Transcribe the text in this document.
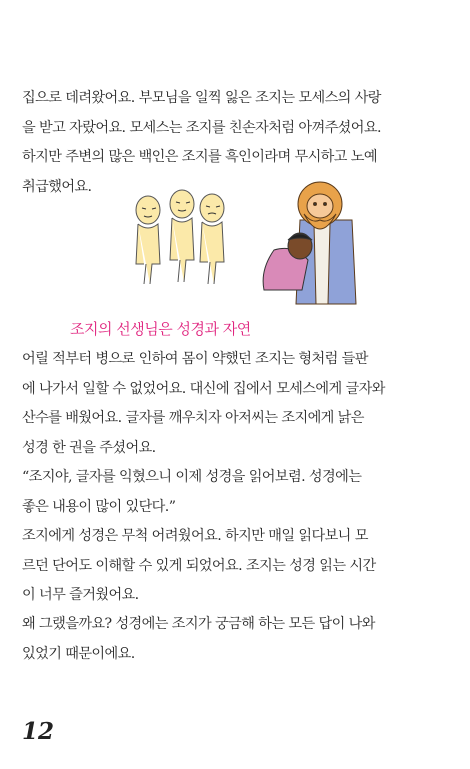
집으로 데려왔어요. 부모님을 일찍 잃은 조지는 모세스의 사랑
을 받고 자랐어요. 모세스는 조지를 친손자처럼 아껴주셨어요.
하지만 주변의 많은 백인은 조지를 흑인이라며 무시하고 노예
취급했어요.

조지의 선생님은 성경과 자연

어릴 적부터 병으로 인하여 몸이 약했던 조지는 형처럼 들판
에 나가서 일할 수 없었어요. 대신에 집에서 모세스에게 글자와
산수를 배웠어요. 글자를 깨우치자 아저씨는 조지에게 낡은
성경 한 권을 주셨어요.

“조지야, 글자를 익혔으니 이제 성경을 읽어보렴. 성경에는
좋은 내용이 많이 있단다.”

조지에게 성경은 무척 어려웠어요. 하지만 매일 읽다보니 모
르던 단어도 이해할 수 있게 되었어요. 조지는 성경 읽는 시간
이 너무 즐거웠어요.

왜 그랬을까요? 성경에는 조지가 궁금해 하는 모든 답이 나와
있었기 때문이에요.

12
